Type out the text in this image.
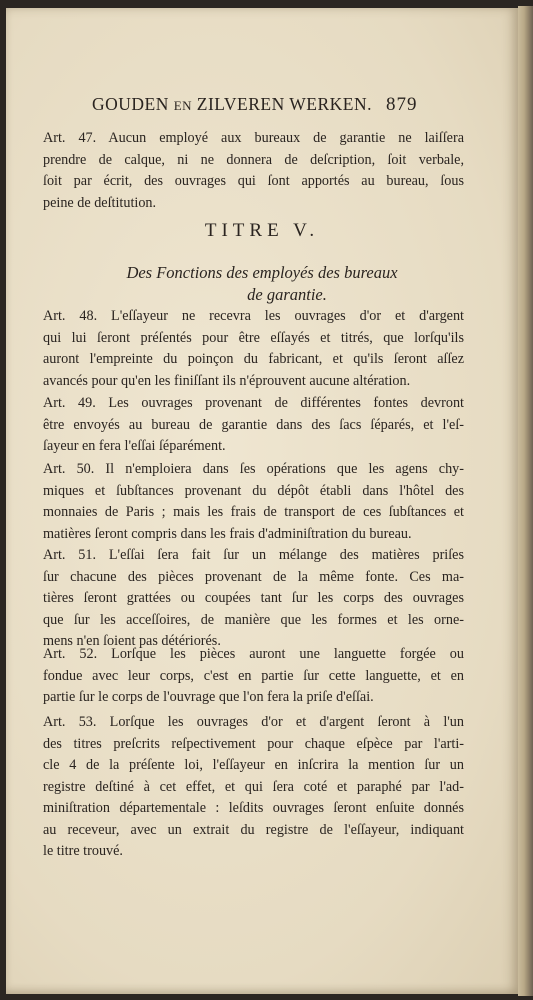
GOUDEN EN ZILVEREN WERKEN. 879
Art. 47. Aucun employé aux bureaux de garantie ne laiſſera
prendre de calque, ni ne donnera de deſcription, ſoit verbale,
ſoit par écrit, des ouvrages qui ſont apportés au bureau, ſous
peine de deſtitution.
TITRE V.
Des Fonctions des employés des bureaux
de garantie.
Art. 48. L'eſſayeur ne recevra les ouvrages d'or et d'argent
qui lui ſeront préſentés pour être eſſayés et titrés, que lorſqu'ils
auront l'empreinte du poinçon du fabricant, et qu'ils ſeront aſſez
avancés pour qu'en les finiſſant ils n'éprouvent aucune altération.
Art. 49. Les ouvrages provenant de différentes fontes devront
être envoyés au bureau de garantie dans des ſacs ſéparés, et l'eſ-
ſayeur en fera l'eſſai ſéparément.
Art. 50. Il n'emploiera dans ſes opérations que les agens chy-
miques et ſubſtances provenant du dépôt établi dans l'hôtel des
monnaies de Paris ; mais les frais de transport de ces ſubſtances et
matières ſeront compris dans les frais d'adminiſtration du bureau.
Art. 51. L'eſſai ſera fait ſur un mélange des matières priſes
ſur chacune des pièces provenant de la même fonte. Ces ma-
tières ſeront grattées ou coupées tant ſur les corps des ouvrages
que ſur les acceſſoires, de manière que les formes et les orne-
mens n'en ſoient pas détériorés.
Art. 52. Lorſque les pièces auront une languette forgée ou
fondue avec leur corps, c'est en partie ſur cette languette, et en
partie ſur le corps de l'ouvrage que l'on fera la priſe d'eſſai.
Art. 53. Lorſque les ouvrages d'or et d'argent ſeront à l'un
des titres preſcrits reſpectivement pour chaque eſpèce par l'arti-
cle 4 de la préſente loi, l'eſſayeur en inſcrira la mention ſur un
registre deſtiné à cet effet, et qui ſera coté et paraphé par l'ad-
miniſtration départementale : leſdits ouvrages ſeront enſuite donnés
au receveur, avec un extrait du registre de l'eſſayeur, indiquant
le titre trouvé.
